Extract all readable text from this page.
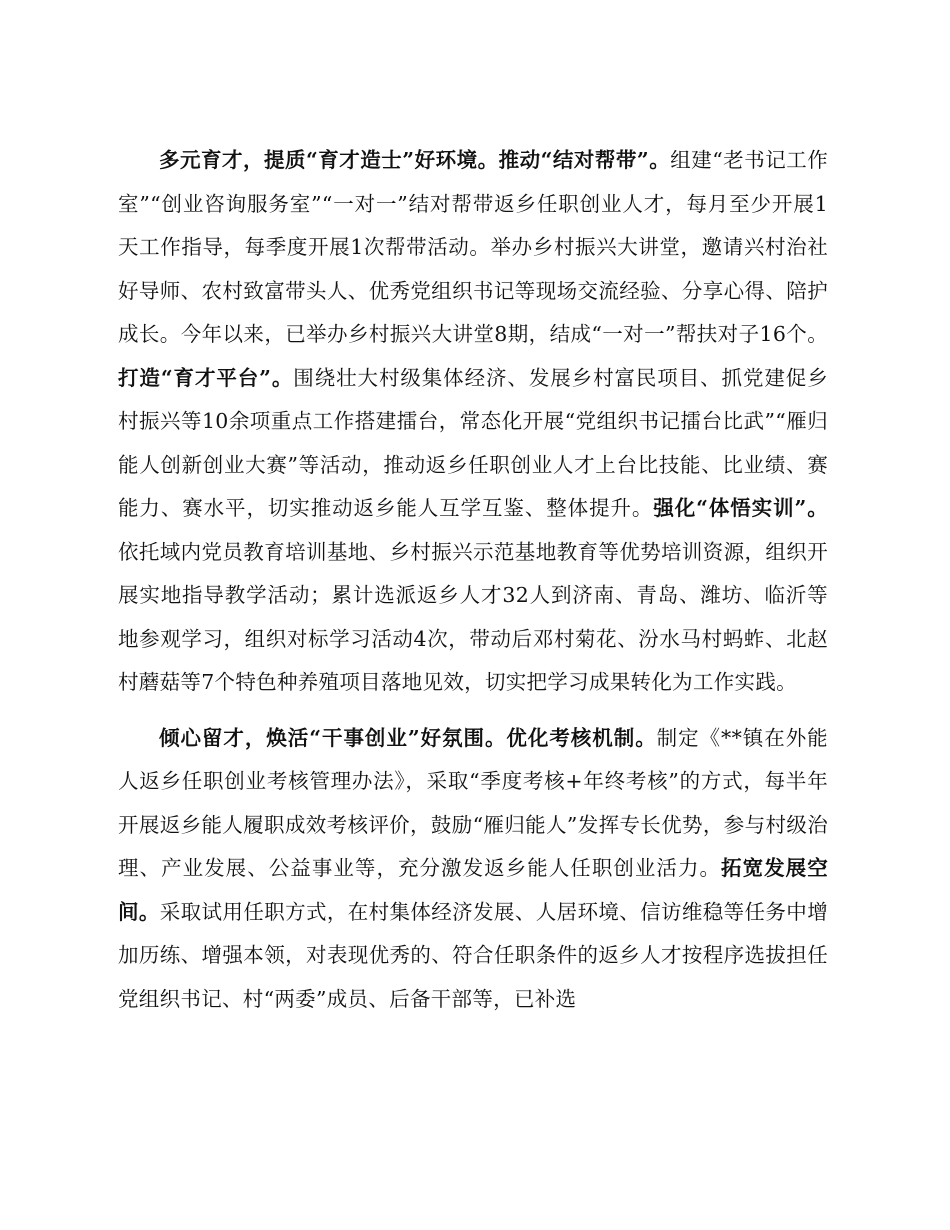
多元育才，提质“育才造士”好环境。推动“结对帮带”。组建“老书记工作室”“创业咨询服务室”“一对一”结对帮带返乡任职创业人才，每月至少开展1天工作指导，每季度开展1次帮带活动。举办乡村振兴大讲堂，邀请兴村治社好导师、农村致富带头人、优秀党组织书记等现场交流经验、分享心得、陪护成长。今年以来，已举办乡村振兴大讲堂8期，结成“一对一”帮扶对子16个。打造“育才平台”。围绕壮大村级集体经济、发展乡村富民项目、抓党建促乡村振兴等10余项重点工作搭建擂台，常态化开展“党组织书记擂台比武”“雁归能人创新创业大赛”等活动，推动返乡任职创业人才上台比技能、比业绩、赛能力、赛水平，切实推动返乡能人互学互鉴、整体提升。强化“体悟实训”。依托域内党员教育培训基地、乡村振兴示范基地教育等优势培训资源，组织开展实地指导教学活动；累计选派返乡人才32人到济南、青岛、潍坊、临沂等地参观学习，组织对标学习活动4次，带动后邓村菊花、汾水马村蚂蚱、北赵村蘑菇等7个特色种养殖项目落地见效，切实把学习成果转化为工作实践。

倾心留才，焕活“干事创业”好氛围。优化考核机制。制定《**镇在外能人返乡任职创业考核管理办法》，采取“季度考核+年终考核”的方式，每半年开展返乡能人履职成效考核评价，鼓励“雁归能人”发挥专长优势，参与村级治理、产业发展、公益事业等，充分激发返乡能人任职创业活力。拓宽发展空间。采取试用任职方式，在村集体经济发展、人居环境、信访维稳等任务中增加历练、增强本领，对表现优秀的、符合任职条件的返乡人才按程序选拔担任党组织书记、村“两委”成员、后备干部等，已补选
